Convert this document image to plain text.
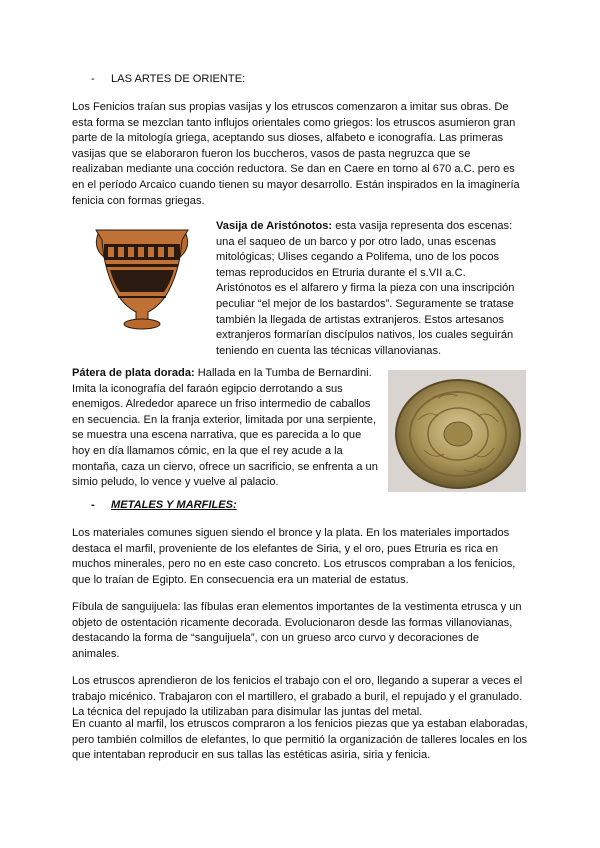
- LAS ARTES DE ORIENTE:

Los Fenicios traían sus propias vasijas y los etruscos comenzaron a imitar sus obras. De esta forma se mezclan tanto influjos orientales como griegos: los etruscos asumieron gran parte de la mitología griega, aceptando sus dioses, alfabeto e iconografía. Las primeras vasijas que se elaboraron fueron los buccheros, vasos de pasta negruzca que se realizaban mediante una cocción reductora. Se dan en Caere en torno al 670 a.C. pero es en el período Arcaico cuando tienen su mayor desarrollo. Están inspirados en la imaginería fenicia con formas griegas.

Vasija de Aristónotos: esta vasija representa dos escenas: una el saqueo de un barco y por otro lado, unas escenas mitológicas; Ulises cegando a Polifema, uno de los pocos temas reproducidos en Etruria durante el s.VII a.C. Aristónotos es el alfarero y firma la pieza con una inscripción peculiar “el mejor de los bastardos”. Seguramente se tratase también la llegada de artistas extranjeros. Estos artesanos extranjeros formarían discípulos nativos, los cuales seguirán teniendo en cuenta las técnicas villanovianas.

Pátera de plata dorada: Hallada en la Tumba de Bernardini. Imita la iconografía del faraón egipcio derrotando a sus enemigos. Alrededor aparece un friso intermedio de caballos en secuencia. En la franja exterior, limitada por una serpiente, se muestra una escena narrativa, que es parecida a lo que hoy en día llamamos cómic, en la que el rey acude a la montaña, caza un ciervo, ofrece un sacrificio, se enfrenta a un simio peludo, lo vence y vuelve al palacio.

- METALES Y MARFILES:

Los materiales comunes siguen siendo el bronce y la plata. En los materiales importados destaca el marfil, proveniente de los elefantes de Siria, y el oro, pues Etruria es rica en muchos minerales, pero no en este caso concreto. Los etruscos compraban a los fenicios, que lo traían de Egipto. En consecuencia era un material de estatus.

Fíbula de sanguijuela: las fíbulas eran elementos importantes de la vestimenta etrusca y un objeto de ostentación ricamente decorada. Evolucionaron desde las formas villanovianas, destacando la forma de “sanguijuela”, con un grueso arco curvo y decoraciones de animales.

Los etruscos aprendieron de los fenicios el trabajo con el oro, llegando a superar a veces el trabajo micénico. Trabajaron con el martillero, el grabado a buril, el repujado y el granulado. La técnica del repujado la utilizaban para disimular las juntas del metal.

En cuanto al marfil, los etruscos compraron a los fenicios piezas que ya estaban elaboradas, pero también colmillos de elefantes, lo que permitió la organización de talleres locales en los que intentaban reproducir en sus tallas las estéticas asiria, siria y fenicia.
